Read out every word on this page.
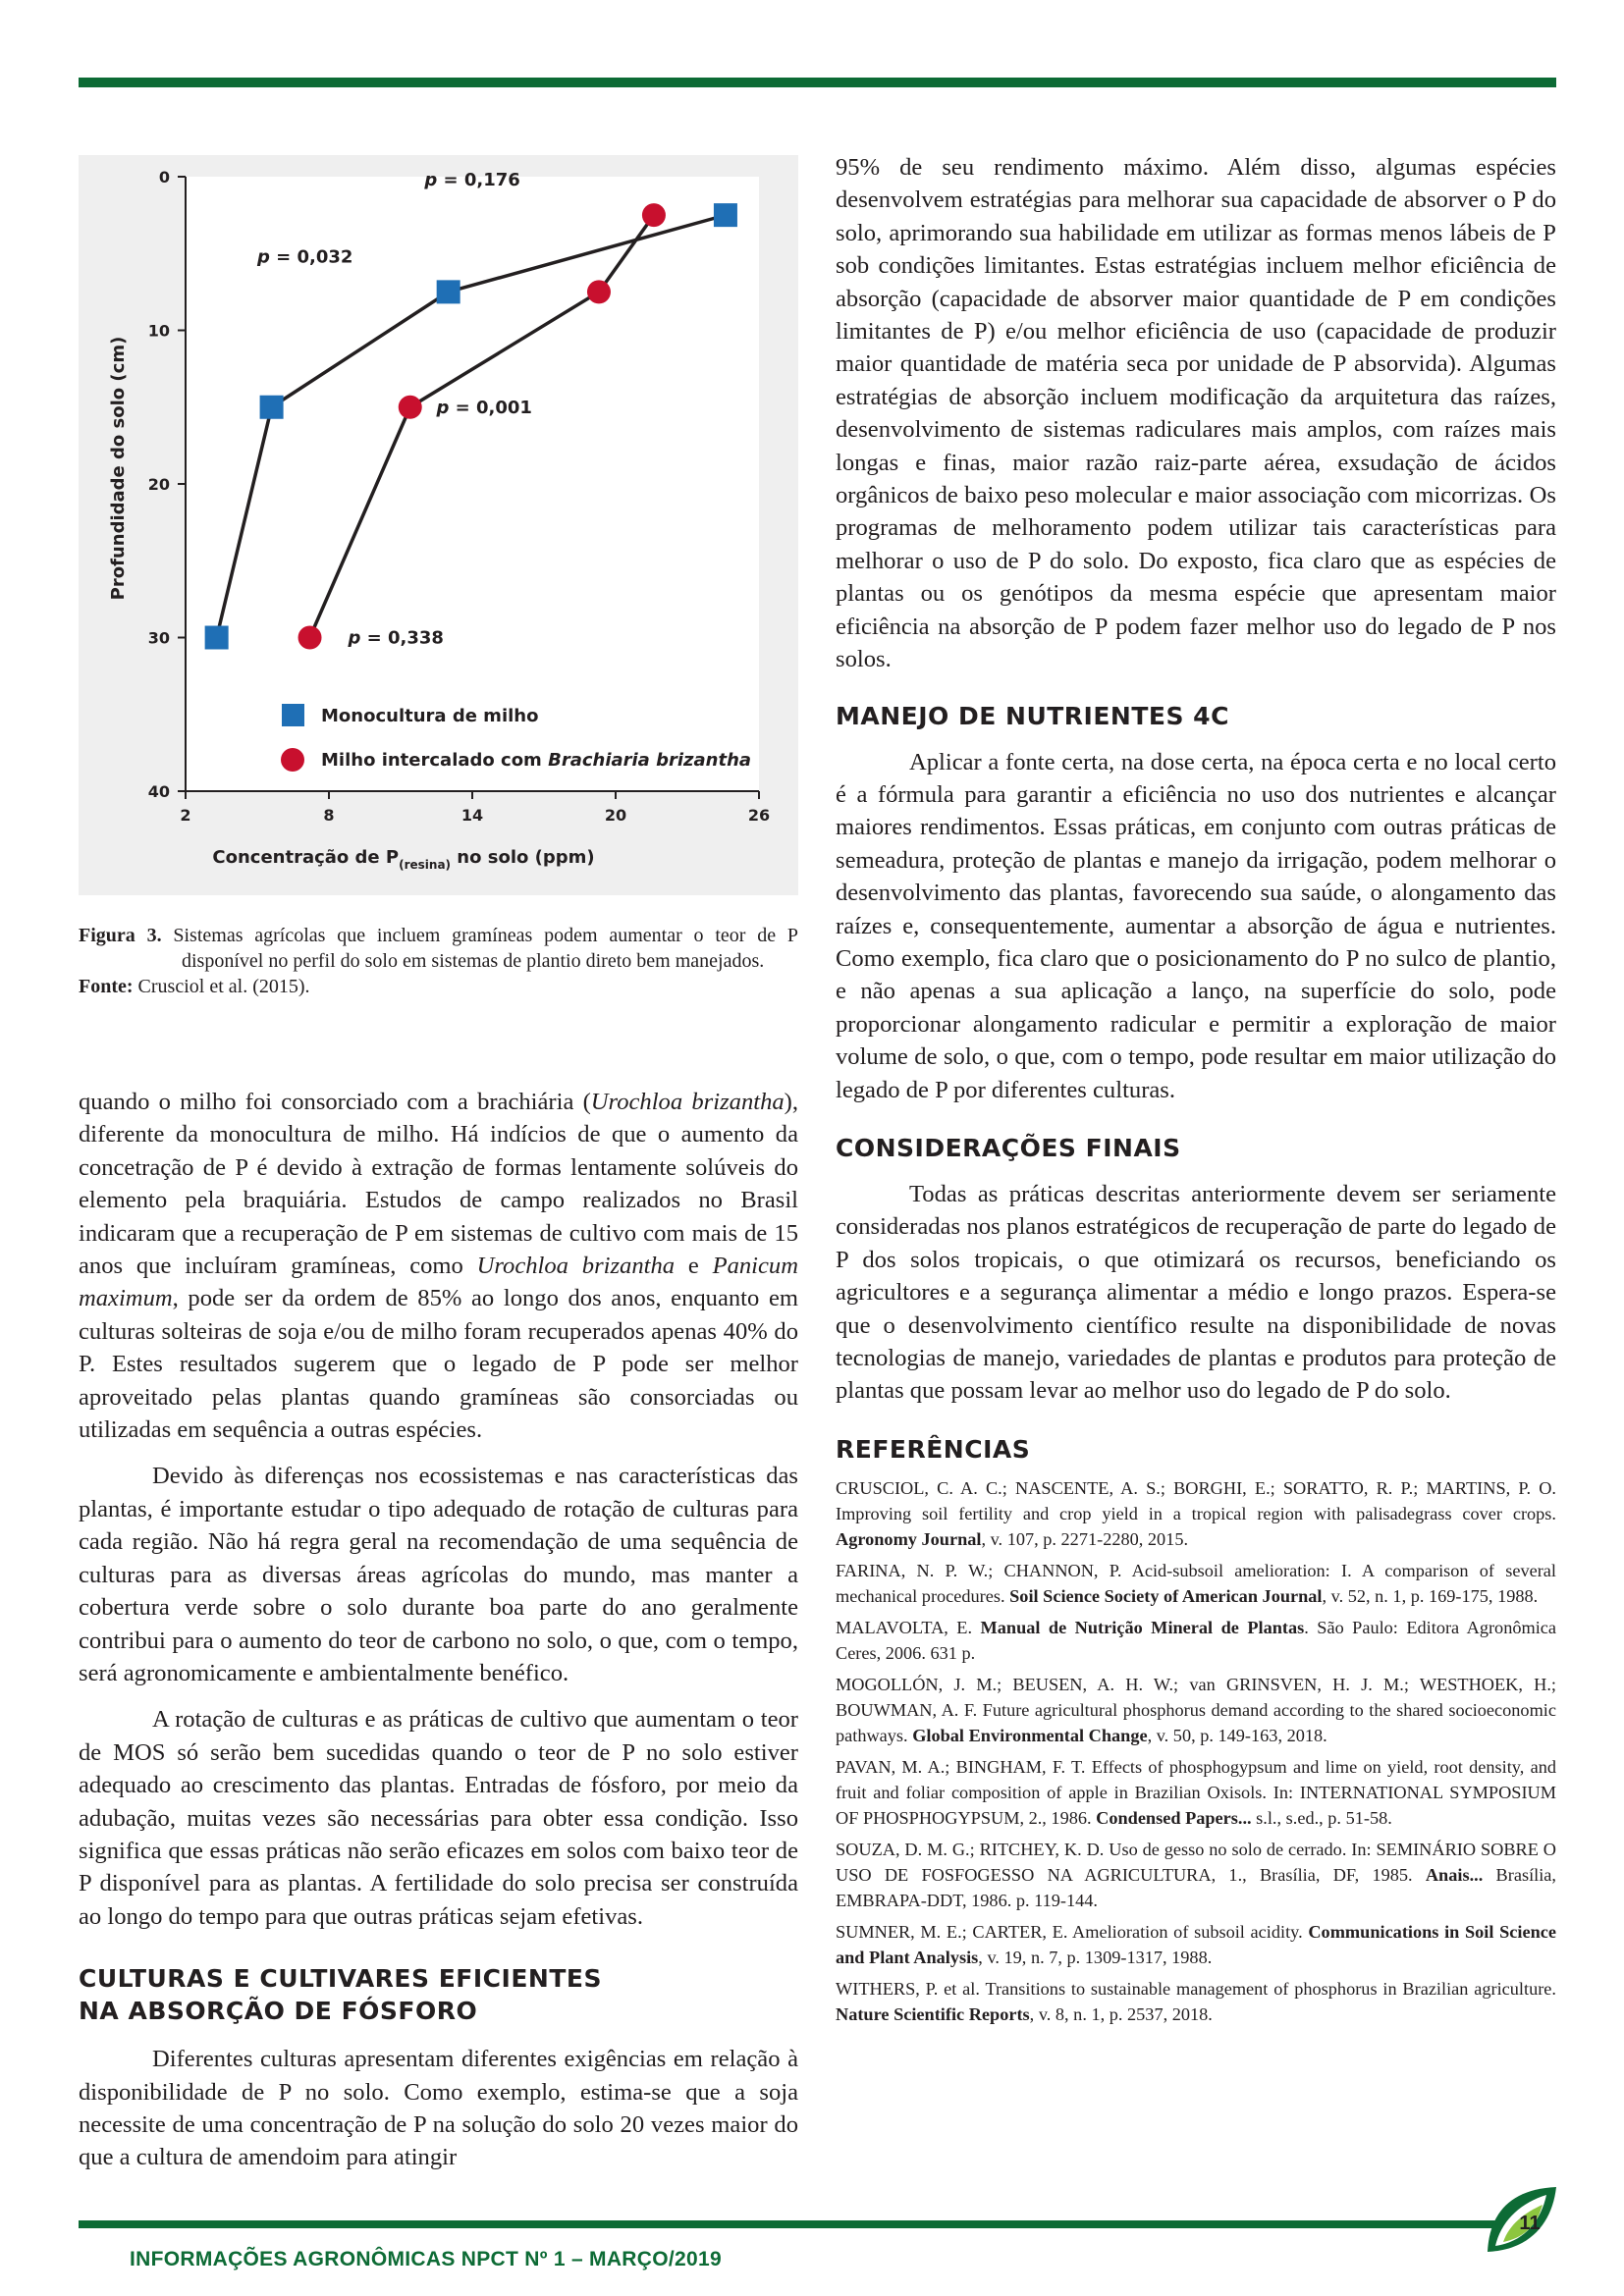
2	8	14	20	26
0
10
20
30
40
Profundidade do solo (cm)
Concentração de $P_{(resina)}$ no solo (ppm)
p = 0,176
p = 0,032
p = 0,001
p = 0,338
Monocultura de milho
Milho intercalado com Brachiaria brizantha

Figura 3. Sistemas agrícolas que incluem gramíneas podem aumentar o teor de P disponível no perfil do solo em sistemas de plantio direto bem manejados.

Fonte: Crusciol et al. (2015).

quando o milho foi consorciado com a brachiária (Urochloa brizantha), diferente da monocultura de milho. Há indícios de que o aumento da concetração de P é devido à extração de formas lentamente solúveis do elemento pela braquiária. Estudos de campo realizados no Brasil indicaram que a recuperação de P em sistemas de cultivo com mais de 15 anos que incluíram gramíneas, como Urochloa brizantha e Panicum maximum, pode ser da ordem de 85% ao longo dos anos, enquanto em culturas solteiras de soja e/ou de milho foram recuperados apenas 40% do P. Estes resultados sugerem que o legado de P pode ser melhor aproveitado pelas plantas quando gramíneas são consorciadas ou utilizadas em sequência a outras espécies.

Devido às diferenças nos ecossistemas e nas características das plantas, é importante estudar o tipo adequado de rotação de culturas para cada região. Não há regra geral na recomendação de uma sequência de culturas para as diversas áreas agrícolas do mundo, mas manter a cobertura verde sobre o solo durante boa parte do ano geralmente contribui para o aumento do teor de carbono no solo, o que, com o tempo, será agronomicamente e ambientalmente benéfico.

A rotação de culturas e as práticas de cultivo que aumentam o teor de MOS só serão bem sucedidas quando o teor de P no solo estiver adequado ao crescimento das plantas. Entradas de fósforo, por meio da adubação, muitas vezes são necessárias para obter essa condição. Isso significa que essas práticas não serão eficazes em solos com baixo teor de P disponível para as plantas. A fertilidade do solo precisa ser construída ao longo do tempo para que outras práticas sejam efetivas.

CULTURAS E CULTIVARES EFICIENTES

NA ABSORÇÃO DE FÓSFORO

Diferentes culturas apresentam diferentes exigências em relação à disponibilidade de P no solo. Como exemplo, estima-se que a soja necessite de uma concentração de P na solução do solo 20 vezes maior do que a cultura de amendoim para atingir

95% de seu rendimento máximo. Além disso, algumas espécies desenvolvem estratégias para melhorar sua capacidade de absorver o P do solo, aprimorando sua habilidade em utilizar as formas menos lábeis de P sob condições limitantes. Estas estratégias incluem melhor eficiência de absorção (capacidade de absorver maior quantidade de P em condições limitantes de P) e/ou melhor eficiência de uso (capacidade de produzir maior quantidade de matéria seca por unidade de P absorvida). Algumas estratégias de absorção incluem modificação da arquitetura das raízes, desenvolvimento de sistemas radiculares mais amplos, com raízes mais longas e finas, maior razão raiz-parte aérea, exsudação de ácidos orgânicos de baixo peso molecular e maior associação com micorrizas. Os programas de melhoramento podem utilizar tais características para melhorar o uso de P do solo. Do exposto, fica claro que as espécies de plantas ou os genótipos da mesma espécie que apresentam maior eficiência na absorção de P podem fazer melhor uso do legado de P nos solos.

MANEJO DE NUTRIENTES 4C

Aplicar a fonte certa, na dose certa, na época certa e no local certo é a fórmula para garantir a eficiência no uso dos nutrientes e alcançar maiores rendimentos. Essas práticas, em conjunto com outras práticas de semeadura, proteção de plantas e manejo da irrigação, podem melhorar o desenvolvimento das plantas, favorecendo sua saúde, o alongamento das raízes e, consequentemente, aumentar a absorção de água e nutrientes. Como exemplo, fica claro que o posicionamento do P no sulco de plantio, e não apenas a sua aplicação a lanço, na superfície do solo, pode proporcionar alongamento radicular e permitir a exploração de maior volume de solo, o que, com o tempo, pode resultar em maior utilização do legado de P por diferentes culturas.

CONSIDERAÇÕES FINAIS

Todas as práticas descritas anteriormente devem ser seriamente consideradas nos planos estratégicos de recuperação de parte do legado de P dos solos tropicais, o que otimizará os recursos, beneficiando os agricultores e a segurança alimentar a médio e longo prazos. Espera-se que o desenvolvimento científico resulte na disponibilidade de novas tecnologias de manejo, variedades de plantas e produtos para proteção de plantas que possam levar ao melhor uso do legado de P do solo.

REFERÊNCIAS

CRUSCIOL, C. A. C.; NASCENTE, A. S.; BORGHI, E.; SORATTO, R. P.; MARTINS, P. O. Improving soil fertility and crop yield in a tropical region with palisadegrass cover crops. Agronomy Journal, v. 107, p. 2271-2280, 2015.

FARINA, N. P. W.; CHANNON, P. Acid-subsoil amelioration: I. A comparison of several mechanical procedures. Soil Science Society of American Journal, v. 52, n. 1, p. 169-175, 1988.

MALAVOLTA, E. Manual de Nutrição Mineral de Plantas. São Paulo: Editora Agronômica Ceres, 2006. 631 p.

MOGOLLÓN, J. M.; BEUSEN, A. H. W.; van GRINSVEN, H. J. M.; WESTHOEK, H.; BOUWMAN, A. F. Future agricultural phosphorus demand according to the shared socioeconomic pathways. Global Environmental Change, v. 50, p. 149-163, 2018.

PAVAN, M. A.; BINGHAM, F. T. Effects of phosphogypsum and lime on yield, root density, and fruit and foliar composition of apple in Brazilian Oxisols. In: INTERNATIONAL SYMPOSIUM OF PHOSPHOGYPSUM, 2., 1986. Condensed Papers... s.l., s.ed., p. 51-58.

SOUZA, D. M. G.; RITCHEY, K. D. Uso de gesso no solo de cerrado. In: SEMINÁRIO SOBRE O USO DE FOSFOGESSO NA AGRICULTURA, 1., Brasília, DF, 1985. Anais... Brasília, EMBRAPA-DDT, 1986. p. 119-144.

SUMNER, M. E.; CARTER, E. Amelioration of subsoil acidity. Communications in Soil Science and Plant Analysis, v. 19, n. 7, p. 1309-1317, 1988.

WITHERS, P. et al. Transitions to sustainable management of phosphorus in Brazilian agriculture. Nature Scientific Reports, v. 8, n. 1, p. 2537, 2018.

11
INFORMAÇÕES AGRONÔMICAS NPCT Nº 1 – MARÇO/2019
